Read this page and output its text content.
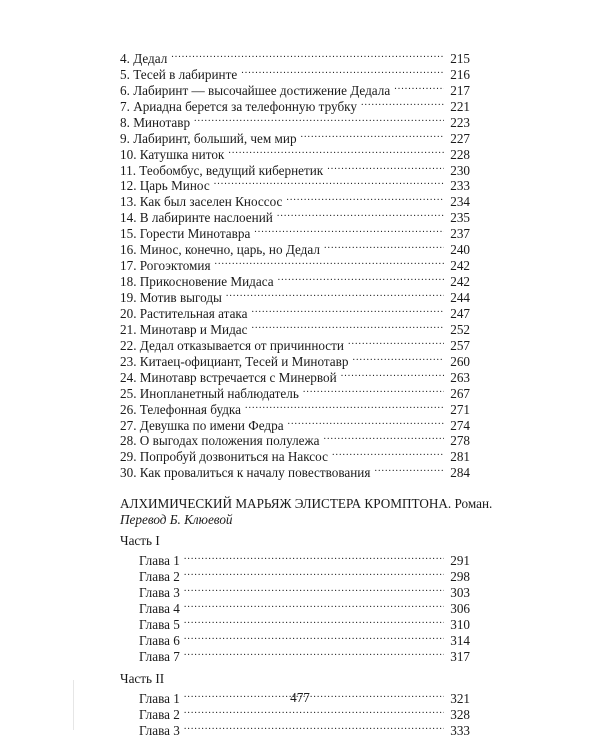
4. Дедал .....	215
5. Тесей в лабиринте .....	216
6. Лабиринт — высочайшее достижение Дедала .....	217
7. Ариадна берется за телефонную трубку .....	221
8. Минотавр .....	223
9. Лабиринт, больший, чем мир .....	227
10. Катушка ниток .....	228
11. Теобомбус, ведущий кибернетик .....	230
12. Царь Минос .....	233
13. Как был заселен Кноссос .....	234
14. В лабиринте наслоений .....	235
15. Горести Минотавра .....	237
16. Минос, конечно, царь, но Дедал .....	240
17. Рогоэктомия .....	242
18. Прикосновение Мидаса .....	242
19. Мотив выгоды .....	244
20. Растительная атака .....	247
21. Минотавр и Мидас .....	252
22. Дедал отказывается от причинности .....	257
23. Китаец-официант, Тесей и Минотавр .....	260
24. Минотавр встречается с Минервой .....	263
25. Инопланетный наблюдатель .....	267
26. Телефонная будка .....	271
27. Девушка по имени Федра .....	274
28. О выгодах положения полулежа .....	278
29. Попробуй дозвониться на Наксос .....	281
30. Как провалиться к началу повествования .....	284
АЛХИМИЧЕСКИЙ МАРЬЯЖ ЭЛИСТЕРА КРОМПТОНА. Роман.
Перевод Б. Клюевой
Часть I
Глава 1 .....	291
Глава 2 .....	298
Глава 3 .....	303
Глава 4 .....	306
Глава 5 .....	310
Глава 6 .....	314
Глава 7 .....	317
Часть II
Глава 1 .....	321
Глава 2 .....	328
Глава 3 .....	333
477
